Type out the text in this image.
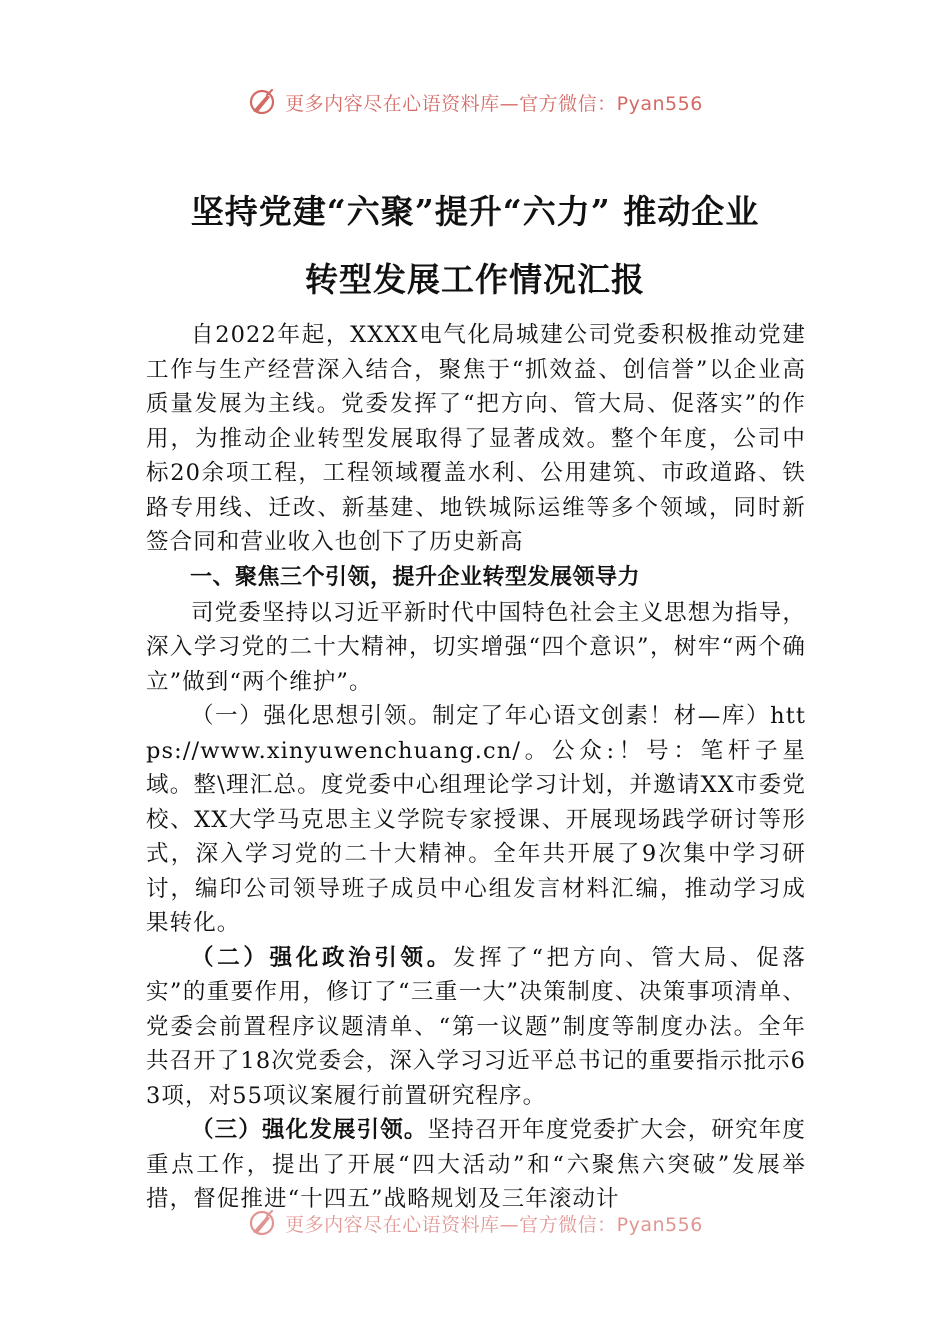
更多内容尽在心语资料库—官方微信：Pyan556
坚持党建“六聚”提升“六力” 推动企业
转型发展工作情况汇报

自2022年起，XXXX电气化局城建公司党委积极推动党建工作与生产经营深入结合，聚焦于“抓效益、创信誉”以企业高质量发展为主线。党委发挥了“把方向、管大局、促落实”的作用，为推动企业转型发展取得了显著成效。整个年度，公司中标20余项工程，工程领域覆盖水利、公用建筑、市政道路、铁路专用线、迁改、新基建、地铁城际运维等多个领域，同时新签合同和营业收入也创下了历史新高

一、聚焦三个引领，提升企业转型发展领导力

司党委坚持以习近平新时代中国特色社会主义思想为指导，深入学习党的二十大精神，切实增强“四个意识”，树牢“两个确立”做到“两个维护”。

（一）强化思想引领。制定了年心语文创素！材—库）https://www.xinyuwenchuang.cn/。公众:！号：笔杆子星域。整\理汇总。度党委中心组理论学习计划，并邀请XX市委党校、XX大学马克思主义学院专家授课、开展现场践学研讨等形式，深入学习党的二十大精神。全年共开展了9次集中学习研讨，编印公司领导班子成员中心组发言材料汇编，推动学习成果转化。

（二）强化政治引领。发挥了“把方向、管大局、促落实”的重要作用，修订了“三重一大”决策制度、决策事项清单、党委会前置程序议题清单、“第一议题”制度等制度办法。全年共召开了18次党委会，深入学习习近平总书记的重要指示批示63项，对55项议案履行前置研究程序。

（三）强化发展引领。坚持召开年度党委扩大会，研究年度重点工作，提出了开展“四大活动”和“六聚焦六突破”发展举措，督促推进“十四五”战略规划及三年滚动计

更多内容尽在心语资料库—官方微信：Pyan556
